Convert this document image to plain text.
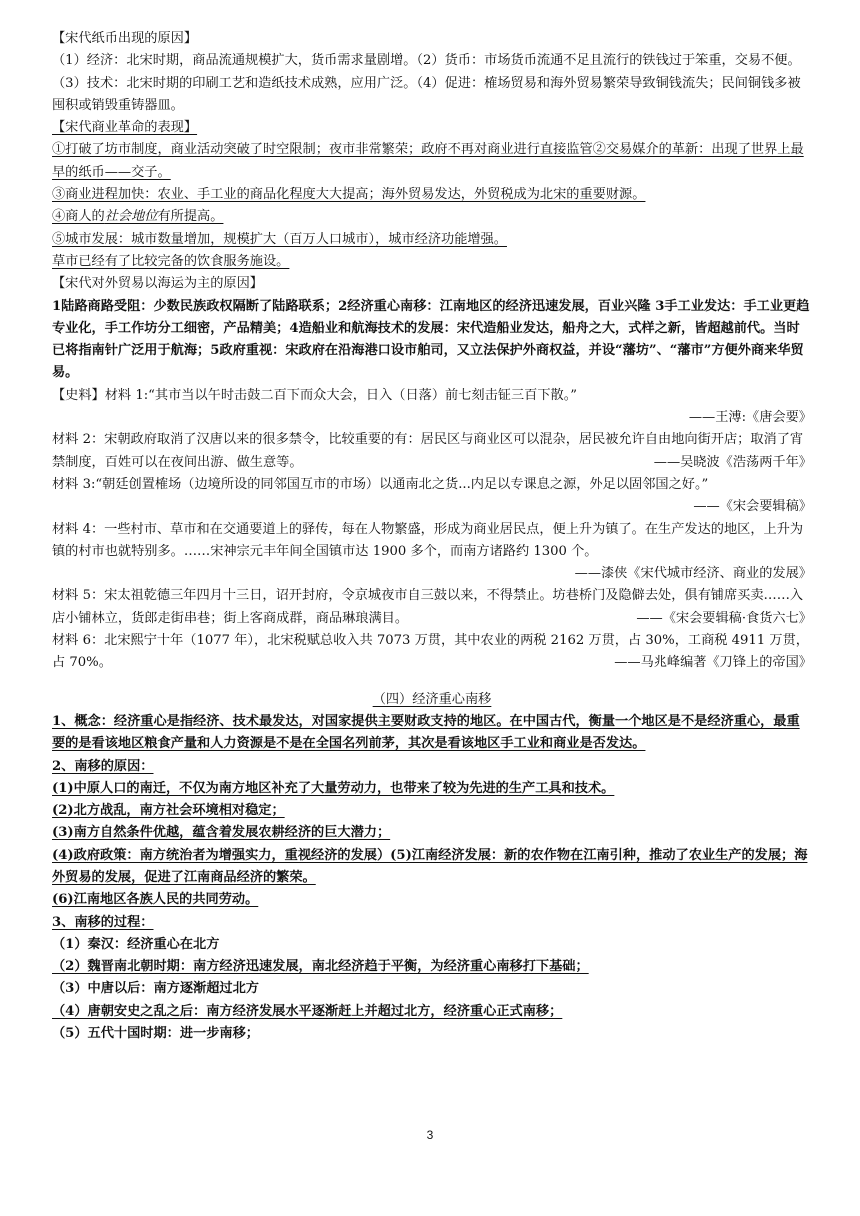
【宋代纸币出现的原因】

（1）经济：北宋时期，商品流通规模扩大，货币需求量剧增。（2）货币：市场货币流通不足且流行的铁钱过于笨重，交易不便。（3）技术：北宋时期的印刷工艺和造纸技术成熟，应用广泛。（4）促进：榷场贸易和海外贸易繁荣导致铜钱流失；民间铜钱多被囤积或销毁重铸器皿。

【宋代商业革命的表现】

①打破了坊市制度，商业活动突破了时空限制；夜市非常繁荣；政府不再对商业进行直接监管②交易媒介的革新：出现了世界上最早的纸币——交子。

③商业进程加快：农业、手工业的商品化程度大大提高；海外贸易发达，外贸税成为北宋的重要财源。

④商人的社会地位有所提高。

⑤城市发展：城市数量增加，规模扩大（百万人口城市），城市经济功能增强。

草市已经有了比较完备的饮食服务施设。

【宋代对外贸易以海运为主的原因】

1陆路商路受阻：少数民族政权隔断了陆路联系；2经济重心南移：江南地区的经济迅速发展，百业兴隆 3手工业发达：手工业更趋专业化，手工作坊分工细密，产品精美；4造船业和航海技术的发展：宋代造船业发达，船舟之大，式样之新，皆超越前代。当时已将指南针广泛用于航海；5政府重视：宋政府在沿海港口设市舶司，又立法保护外商权益，并设“藩坊”、“藩市”方便外商来华贸易。

【史料】材料 1:“其市当以午时击鼓二百下而众大会，日入（日落）前七刻击钲三百下散。”

——王溥:《唐会要》

材料 2：宋朝政府取消了汉唐以来的很多禁令，比较重要的有：居民区与商业区可以混杂，居民被允许自由地向街开店；取消了宵禁制度，百姓可以在夜间出游、做生意等。	——吴晓波《浩荡两千年》

材料 3:“朝廷创置榷场（边境所设的同邻国互市的市场）以通南北之货...内足以专课息之源，外足以固邻国之好。”

——《宋会要辑稿》

材料 4：一些村市、草市和在交通要道上的驿传，每在人物繁盛，形成为商业居民点，便上升为镇了。在生产发达的地区，上升为镇的村市也就特别多。……宋神宗元丰年间全国镇市达 1900 多个，而南方诸路约 1300 个。

——漆侠《宋代城市经济、商业的发展》

材料 5：宋太祖乾德三年四月十三日，诏开封府，令京城夜市自三鼓以来，不得禁止。坊巷桥门及隐僻去处，俱有铺席买卖……入店小铺林立，货郎走街串巷；街上客商成群，商品琳琅满目。	——《宋会要辑稿·食货六七》

材料 6：北宋熙宁十年（1077 年），北宋税赋总收入共 7073 万贯，其中农业的两税 2162 万贯，占 30%，工商税 4911 万贯，占 70%。	——马兆峰编著《刀锋上的帝国》

（四）经济重心南移

1、概念：经济重心是指经济、技术最发达，对国家提供主要财政支持的地区。在中国古代，衡量一个地区是不是经济重心，最重要的是看该地区粮食产量和人力资源是不是在全国名列前茅，其次是看该地区手工业和商业是否发达。

2、南移的原因：

(1)中原人口的南迁，不仅为南方地区补充了大量劳动力，也带来了较为先进的生产工具和技术。

(2)北方战乱，南方社会环境相对稳定；

(3)南方自然条件优越，蕴含着发展农耕经济的巨大潜力；

(4)政府政策：南方统治者为增强实力，重视经济的发展）(5)江南经济发展：新的农作物在江南引种，推动了农业生产的发展；海外贸易的发展，促进了江南商品经济的繁荣。

(6)江南地区各族人民的共同劳动。

3、南移的过程：

（1）秦汉：经济重心在北方

（2）魏晋南北朝时期：南方经济迅速发展，南北经济趋于平衡，为经济重心南移打下基础；

（3）中唐以后：南方逐渐超过北方

（4）唐朝安史之乱之后：南方经济发展水平逐渐赶上并超过北方，经济重心正式南移；

（5）五代十国时期：进一步南移；

3
